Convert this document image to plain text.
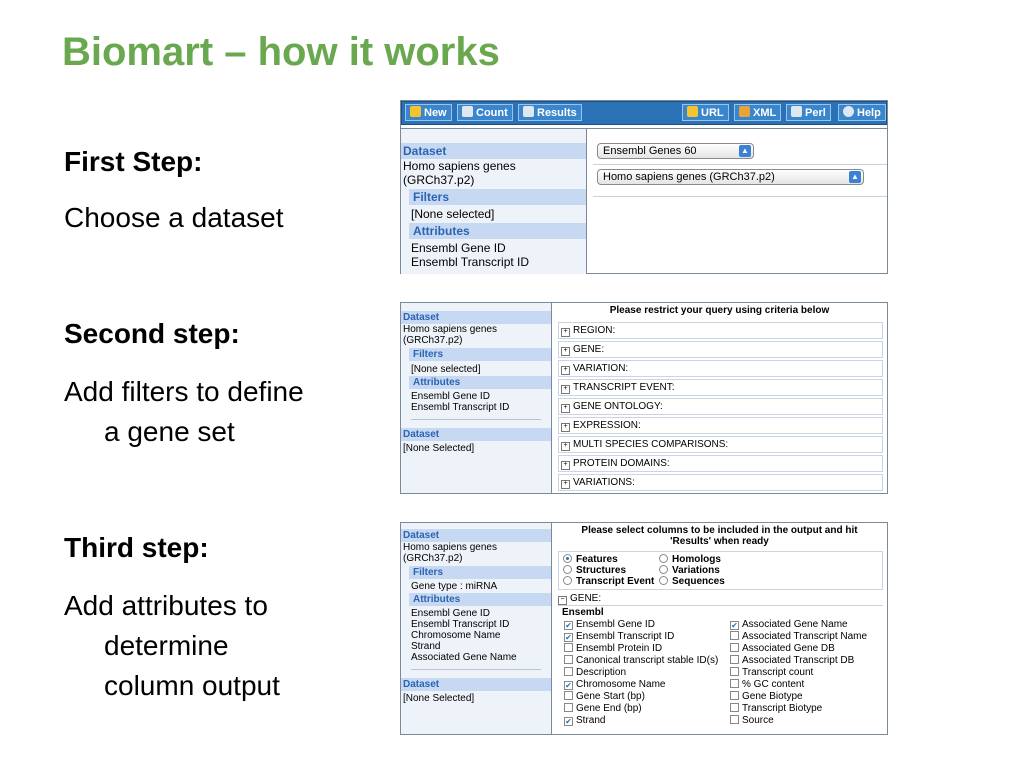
Biomart – how it works
First Step:
Choose a dataset
Second step:
Add filters to define
a gene set
Third step:
Add attributes to
determine
column output
New	Count	Results	URL	XML	Perl	Help
Dataset
Homo sapiens genes
(GRCh37.p2)
Filters
[None selected]
Attributes
Ensembl Gene ID
Ensembl Transcript ID
Ensembl Genes 60	▲
Homo sapiens genes (GRCh37.p2)	▲
Dataset
Homo sapiens genes
(GRCh37.p2)
Filters
[None selected]
Attributes
Ensembl Gene ID
Ensembl Transcript ID
Dataset
[None Selected]
Please restrict your query using criteria below
+ REGION:
+ GENE:
+ VARIATION:
+ TRANSCRIPT EVENT:
+ GENE ONTOLOGY:
+ EXPRESSION:
+ MULTI SPECIES COMPARISONS:
+ PROTEIN DOMAINS:
+ VARIATIONS:
Dataset
Homo sapiens genes
(GRCh37.p2)
Filters
Gene type : miRNA
Attributes
Ensembl Gene ID
Ensembl Transcript ID
Chromosome Name
Strand
Associated Gene Name
Dataset
[None Selected]
Please select columns to be included in the output and hit
'Results' when ready
Features	Homologs
Structures	Variations
Transcript Event	Sequences
− GENE:
Ensembl
✔ Ensembl Gene ID
✔ Ensembl Transcript ID
Ensembl Protein ID
Canonical transcript stable ID(s)
Description
✔ Chromosome Name
Gene Start (bp)
Gene End (bp)
✔ Strand
✔ Associated Gene Name
Associated Transcript Name
Associated Gene DB
Associated Transcript DB
Transcript count
% GC content
Gene Biotype
Transcript Biotype
Source
